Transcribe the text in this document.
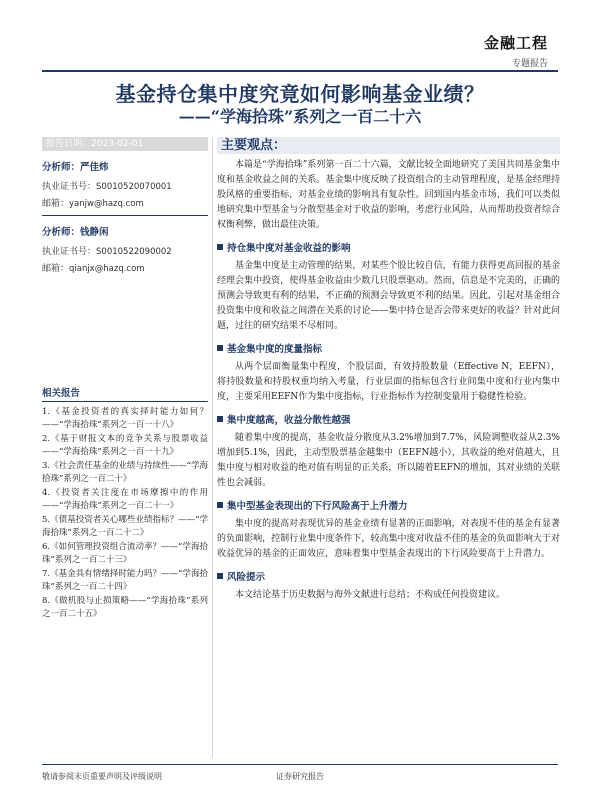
金融工程
专题报告
基金持仓集中度究竟如何影响基金业绩？
——“学海拾珠”系列之一百二十六
报告日期：2023-02-01
分析师：严佳炜
执业证书号：S0010520070001
邮箱：yanjw@hazq.com
分析师：钱静闲
执业证书号：S0010522090002
邮箱：qianjx@hazq.com
相关报告
1.《基金投资者的真实择时能力如何？——“学海拾珠”系列之一百一十八》
2.《基于财报文本的竞争关系与股票收益——“学海拾珠”系列之一百一十九》
3.《社会责任基金的业绩与持续性——“学海拾珠”系列之一百二十》
4.《投资者关注度在市场摩擦中的作用——“学海拾珠”系列之一百二十一》
5.《债基投资者关心哪些业绩指标？——“学海拾珠”系列之一百二十二》
6.《如何管理投资组合流动率？——“学海拾珠”系列之一百二十三》
7.《基金具有情绪择时能力吗？——“学海拾珠”系列之一百二十四》
8.《做机股与止损策略——“学海拾珠”系列之一百二十五》
主要观点：

本篇是“学海拾珠”系列第一百二十六篇，文献比较全面地研究了美国共同基金集中度和基金收益之间的关系。基金集中度反映了投资组合的主动管理程度，是基金经理持股风格的重要指标，对基金业绩的影响具有复杂性。回到国内基金市场，我们可以类似地研究集中型基金与分散型基金对于收益的影响，考虑行业风险，从而帮助投资者综合权衡利弊，做出最佳决策。

持仓集中度对基金收益的影响

基金集中度是主动管理的结果，对某些个股比较自信，有能力获得更高回报的基金经理会集中投资，使得基金收益由少数几只股票驱动。然而，信息是不完美的，正确的预测会导致更有利的结果，不正确的预测会导致更不利的结果。因此，引起对基金组合投资集中度和收益之间潜在关系的讨论——集中持仓是否会带来更好的收益？针对此问题，过往的研究结果不尽相同。

基金集中度的度量指标

从两个层面衡量集中程度，个股层面，有效持股数量（Effective N，EEFN），将持股数量和持股权重均纳入考量，行业层面的指标包含行业间集中度和行业内集中度，主要采用EEFN作为集中度指标，行业指标作为控制变量用于稳健性检验。

集中度越高，收益分散性越强

随着集中度的提高，基金收益分散度从3.2%增加到7.7%，风险调整收益从2.3%增加到5.1%，因此，主动型股票基金越集中（EEFN越小），其收益的绝对值越大，且集中度与相对收益的绝对值有明显的正关系，所以随着EEFN的增加，其对业绩的关联性也会减弱。

集中型基金表现出的下行风险高于上升潜力

集中度的提高对表现优异的基金业绩有显著的正面影响，对表现不佳的基金有显著的负面影响，控制行业集中度条件下，较高集中度对收益不佳的基金的负面影响大于对收益优异的基金的正面效应，意味着集中型基金表现出的下行风险要高于上升潜力。

风险提示

本文结论基于历史数据与海外文献进行总结；不构成任何投资建议。

敬请参阅末页重要声明及评级说明	证券研究报告
